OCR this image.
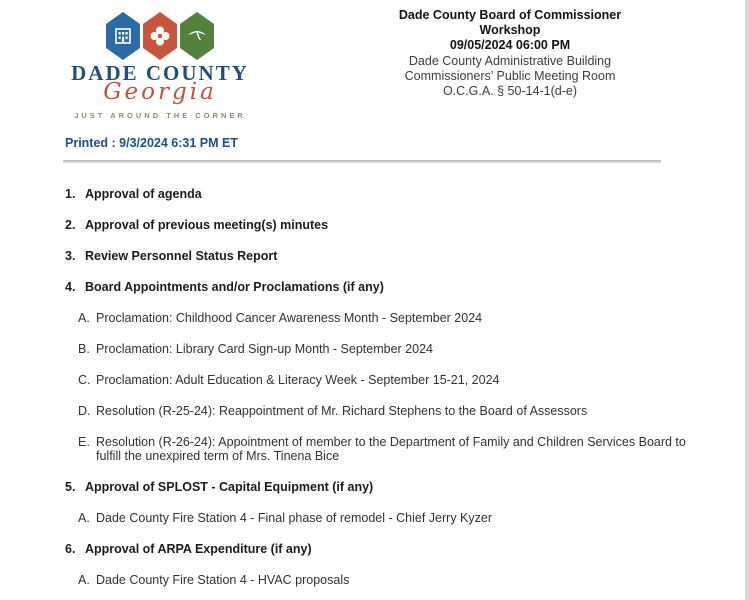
DADE COUNTY
Georgia
JUST AROUND THE CORNER
Dade County Board of Commissioner Workshop
09/05/2024 06:00 PM
Dade County Administrative Building
Commissioners’ Public Meeting Room
O.C.G.A. § 50-14-1(d-e)
Printed : 9/3/2024 6:31 PM ET
1. Approval of agenda
2. Approval of previous meeting(s) minutes
3. Review Personnel Status Report
4. Board Appointments and/or Proclamations (if any)
A. Proclamation: Childhood Cancer Awareness Month - September 2024
B. Proclamation: Library Card Sign-up Month - September 2024
C. Proclamation: Adult Education & Literacy Week - September 15-21, 2024
D. Resolution (R-25-24): Reappointment of Mr. Richard Stephens to the Board of Assessors
E. Resolution (R-26-24): Appointment of member to the Department of Family and Children Services Board to fulfill the unexpired term of Mrs. Tinena Bice
5. Approval of SPLOST - Capital Equipment (if any)
A. Dade County Fire Station 4 - Final phase of remodel - Chief Jerry Kyzer
6. Approval of ARPA Expenditure (if any)
A. Dade County Fire Station 4 - HVAC proposals
